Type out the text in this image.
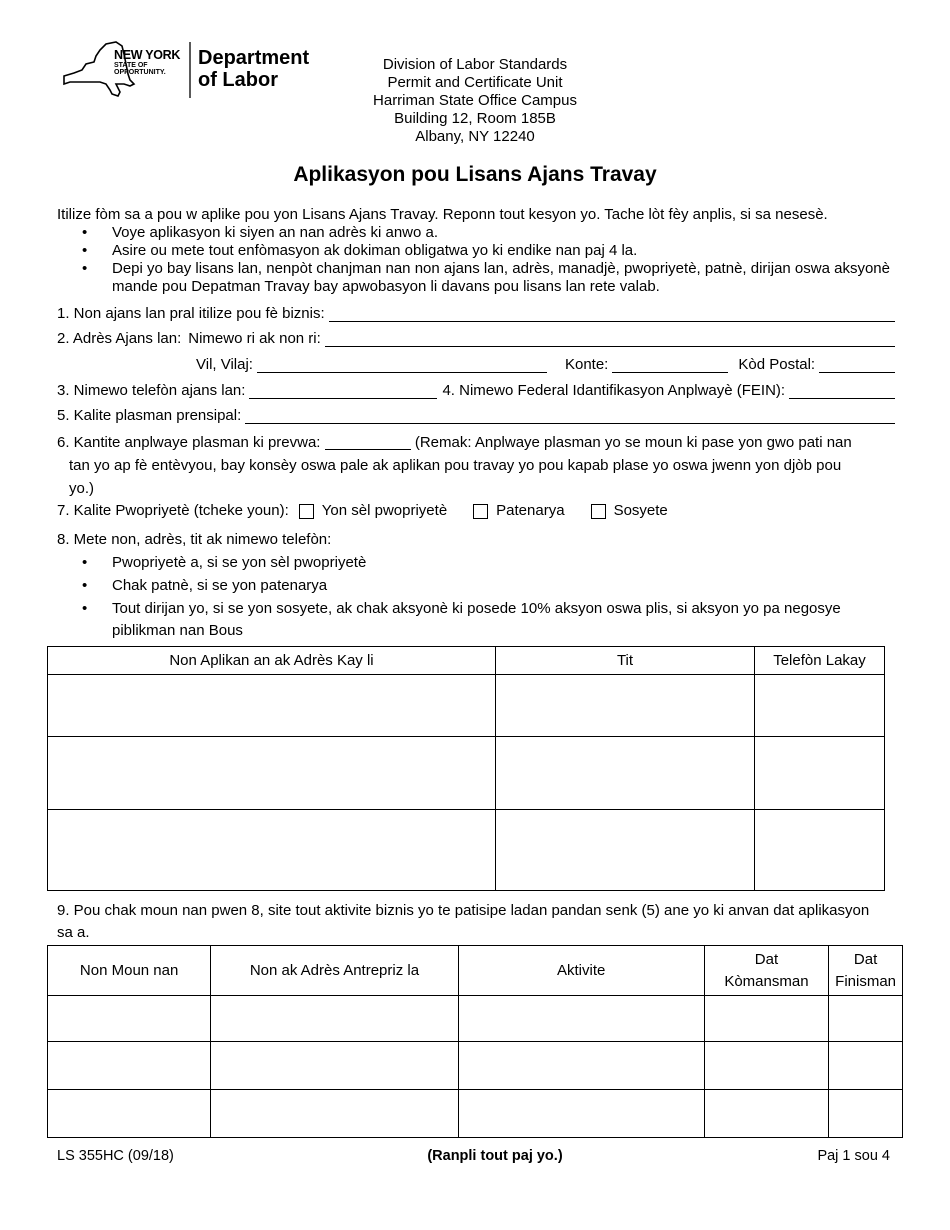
NEW YORK
STATE OF
OPPORTUNITY.
Department
of Labor
Division of Labor Standards
Permit and Certificate Unit
Harriman State Office Campus
Building 12, Room 185B
Albany, NY 12240
Aplikasyon pou Lisans Ajans Travay
Itilize fòm sa a pou w aplike pou yon Lisans Ajans Travay. Reponn tout kesyon yo. Tache lòt fèy anplis, si sa nesesè.
• Voye aplikasyon ki siyen an nan adrès ki anwo a.
• Asire ou mete tout enfòmasyon ak dokiman obligatwa yo ki endike nan paj 4 la.
• Depi yo bay lisans lan, nenpòt chanjman nan non ajans lan, adrès, manadjè, pwopriyetè, patnè, dirijan oswa aksyonè mande pou Depatman Travay bay apwobasyon li davans pou lisans lan rete valab.
1. Non ajans lan pral itilize pou fè biznis:
2. Adrès Ajans lan: Nimewo ri ak non ri:
Vil, Vilaj:	Konte:	Kòd Postal:
3. Nimewo telefòn ajans lan:	4. Nimewo Federal Idantifikasyon Anplwayè (FEIN):
5. Kalite plasman prensipal:
6. Kantite anplwaye plasman ki prevwa:	(Remak: Anplwaye plasman yo se moun ki pase yon gwo pati nan
tan yo ap fè entèvyou, bay konsèy oswa pale ak aplikan pou travay yo pou kapab plase yo oswa jwenn yon djòb pou
yo.)
7. Kalite Pwopriyetè (tcheke youn): Yon sèl pwopriyetè	Patenarya	Sosyete
8. Mete non, adrès, tit ak nimewo telefòn:
• Pwopriyetè a, si se yon sèl pwopriyetè
• Chak patnè, si se yon patenarya
• Tout dirijan yo, si se yon sosyete, ak chak aksyonè ki posede 10% aksyon oswa plis, si aksyon yo pa negosye piblikman nan Bous
Non Aplikan an ak Adrès Kay li	Tit	Telefòn Lakay

9. Pou chak moun nan pwen 8, site tout aktivite biznis yo te patisipe ladan pandan senk (5) ane yo ki anvan dat aplikasyon
sa a.
Non Moun nan	Non ak Adrès Antrepriz la	Aktivite	Dat Kòmansman	Dat Finisman

LS 355HC (09/18)	(Ranpli tout paj yo.)	Paj 1 sou 4
